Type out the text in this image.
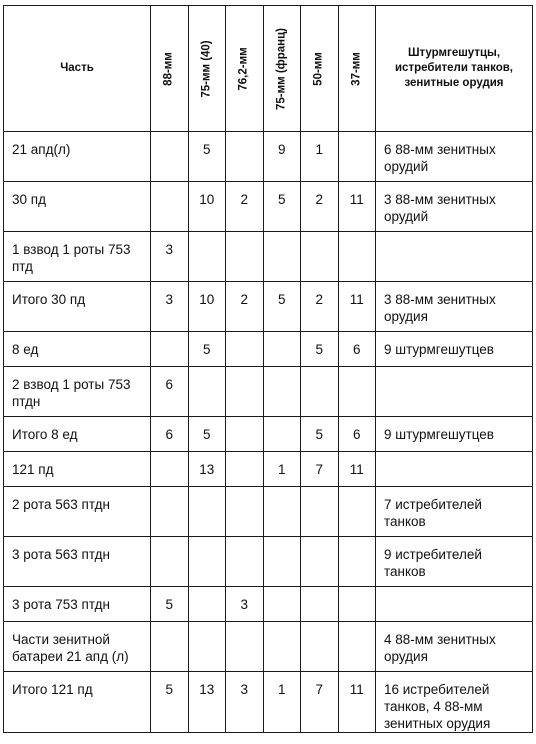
Часть	88-мм	75-мм (40)	76,2-мм	75-мм (франц)	50-мм	37-мм	Штурмгешутцы, истребители танков, зенитные орудия
21 апд(л)		5		9	1		6 88-мм зенитных орудий
30 пд		10	2	5	2	11	3 88-мм зенитных орудий
1 взвод 1 роты 753 птд	3						
Итого 30 пд	3	10	2	5	2	11	3 88-мм зенитных орудия
8 ед		5			5	6	9 штурмгешутцев
2 взвод 1 роты 753 птдн	6						
Итого 8 ед	6	5			5	6	9 штурмгешутцев
121 пд		13		1	7	11	
2 рота 563 птдн							7 истребителей танков
3 рота 563 птдн							9 истребителей танков
3 рота 753 птдн	5		3				
Части зенитной батареи 21 апд (л)							4 88-мм зенитных орудия
Итого 121 пд	5	13	3	1	7	11	16 истребителей танков, 4 88-мм зенитных орудия
